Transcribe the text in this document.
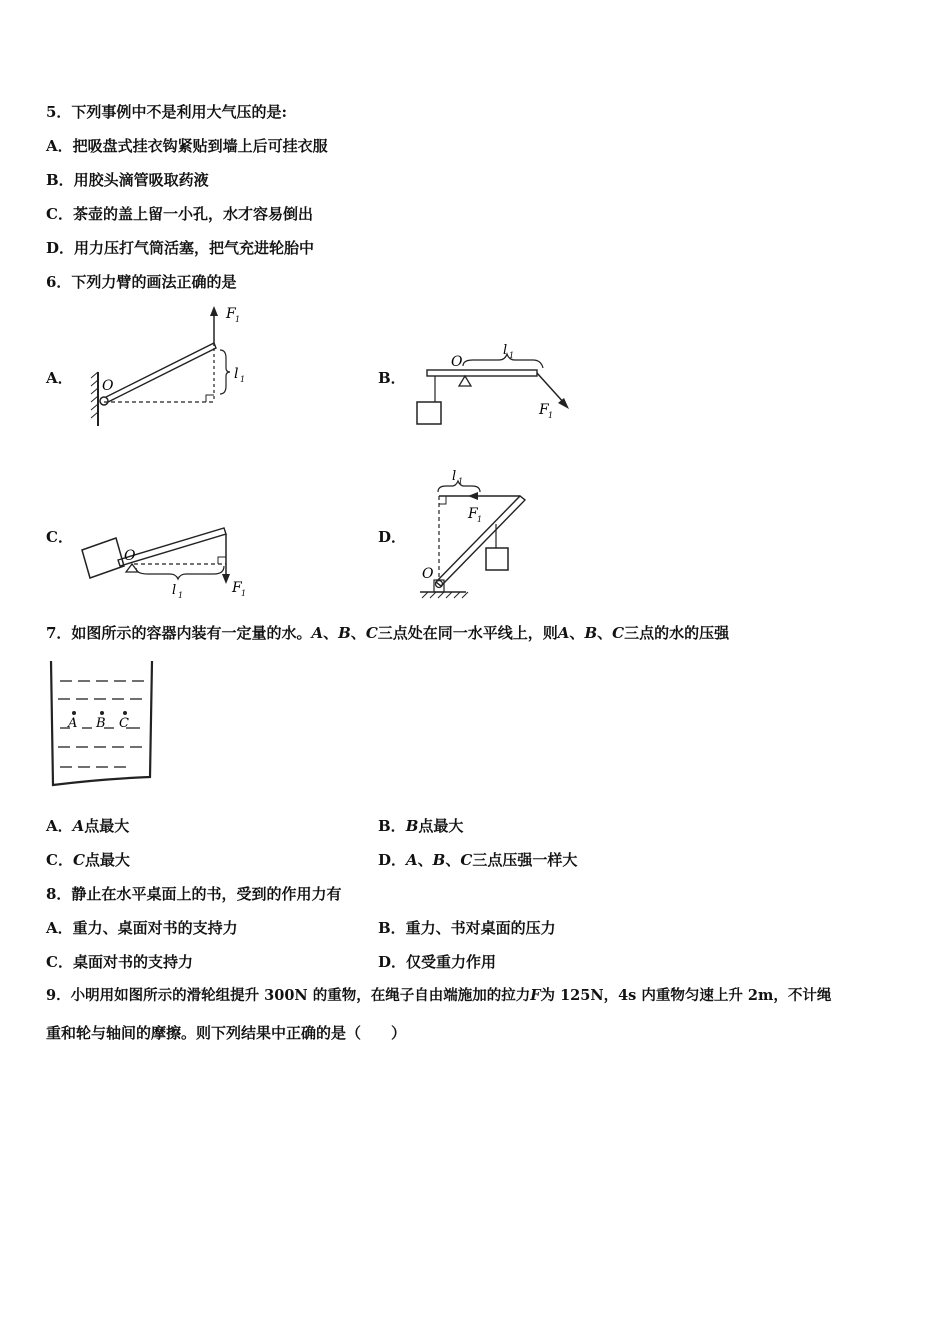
5．下列事例中不是利用大气压的是:
A．把吸盘式挂衣钩紧贴到墙上后可挂衣服
B．用胶头滴管吸取药液
C．茶壶的盖上留一小孔，水才容易倒出
D．用力压打气筒活塞，把气充进轮胎中
6．下列力臂的画法正确的是
A．	B．
C．	D．
F 1
l 1
O
O
l 1
F 1
O
l 1	F 1
l 1
F 1
O
7．如图所示的容器内装有一定量的水。A、B、C三点处在同一水平线上，则A、B、C三点的水的压强
A B C
A．A点最大	B．B点最大
C．C点最大	D．A、B、C三点压强一样大
8．静止在水平桌面上的书，受到的作用力有
A．重力、桌面对书的支持力	B．重力、书对桌面的压力
C．桌面对书的支持力	D．仅受重力作用
9．小明用如图所示的滑轮组提升 300N 的重物，在绳子自由端施加的拉力F为 125N，4s 内重物匀速上升 2m，不计绳
重和轮与轴间的摩擦。则下列结果中正确的是（　　）
